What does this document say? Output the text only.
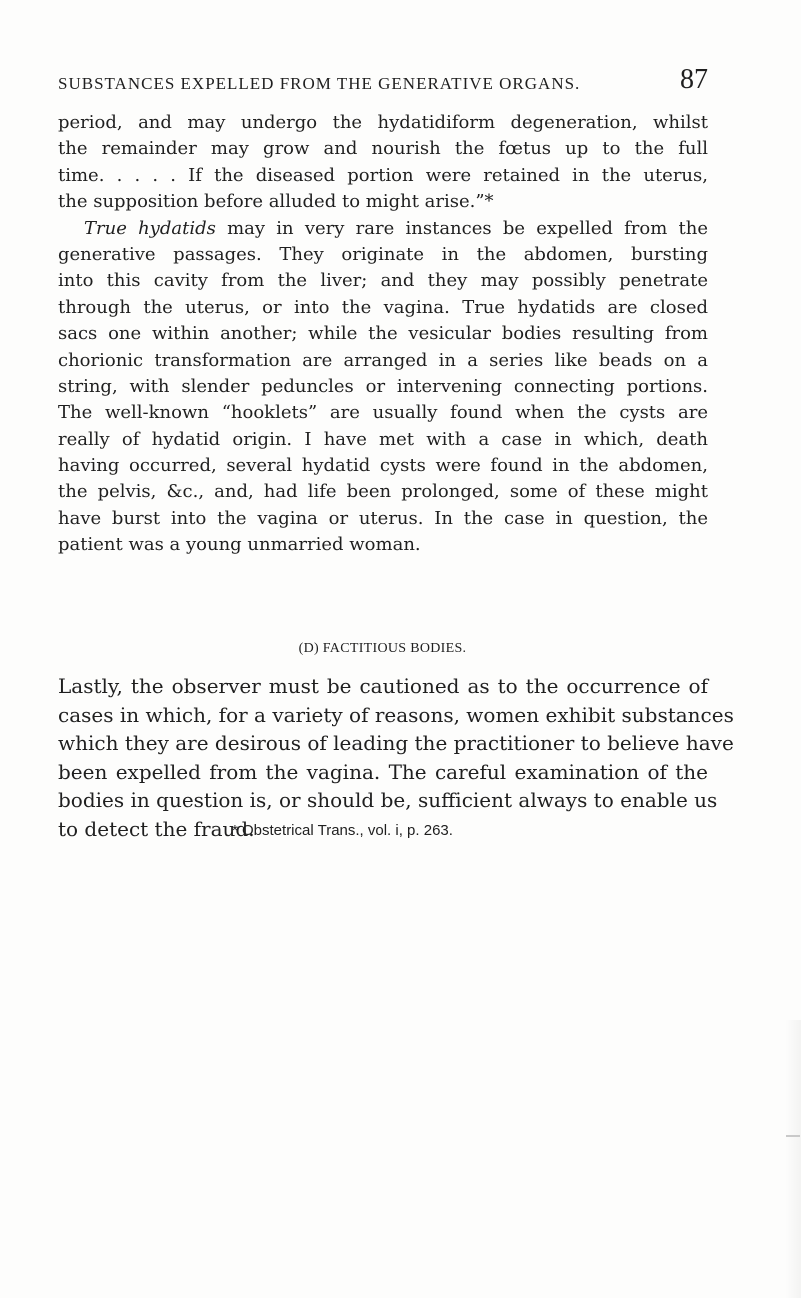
SUBSTANCES EXPELLED FROM THE GENERATIVE ORGANS.	87
period, and may undergo the hydatidiform degeneration, whilst
the remainder may grow and nourish the fœtus up to the full
time. . . . . If the diseased portion were retained in the uterus,
the supposition before alluded to might arise.”*
True hydatids may in very rare instances be expelled from the
generative passages. They originate in the abdomen, bursting
into this cavity from the liver; and they may possibly penetrate
through the uterus, or into the vagina. True hydatids are closed
sacs one within another; while the vesicular bodies resulting from
chorionic transformation are arranged in a series like beads on a
string, with slender peduncles or intervening connecting portions.
The well-known “hooklets” are usually found when the cysts are
really of hydatid origin. I have met with a case in which, death
having occurred, several hydatid cysts were found in the abdomen,
the pelvis, &c., and, had life been prolonged, some of these might
have burst into the vagina or uterus. In the case in question, the
patient was a young unmarried woman.
(D) FACTITIOUS BODIES.
Lastly, the observer must be cautioned as to the occurrence of
cases in which, for a variety of reasons, women exhibit substances
which they are desirous of leading the practitioner to believe have
been expelled from the vagina. The careful examination of the
bodies in question is, or should be, sufficient always to enable us
to detect the fraud.
* Obstetrical Trans., vol. i, p. 263.
